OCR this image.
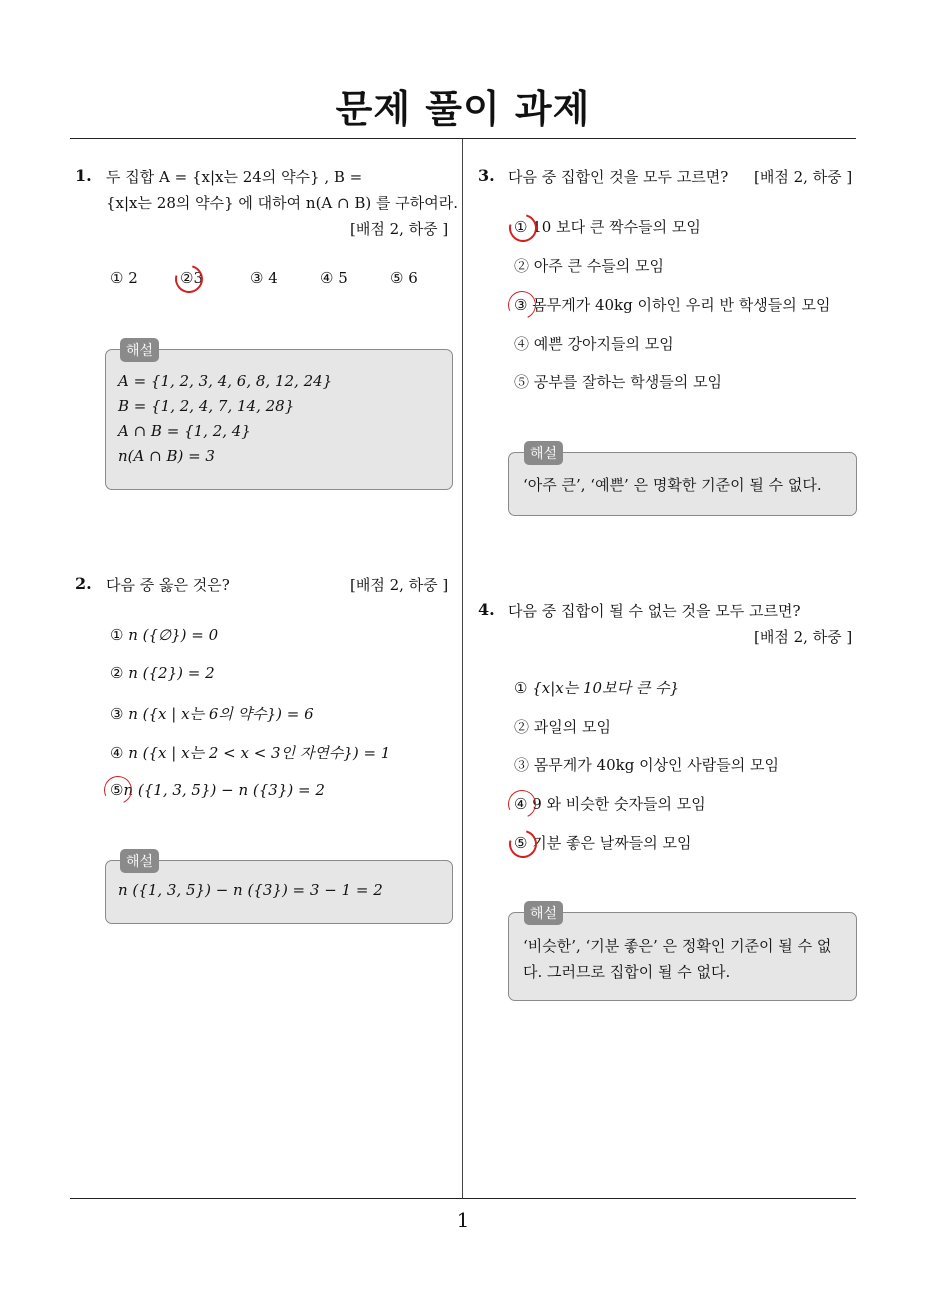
문제 풀이 과제
1. 두 집합 A = {x|x는 24의 약수} , B =
{x|x는 28의 약수} 에 대하여 n(A ∩ B) 를 구하여라.
[배점 2, 하중 ]
① 2	②
3	③ 4	④ 5	⑤ 6
A = {1, 2, 3, 4, 6, 8, 12, 24}
B = {1, 2, 4, 7, 14, 28}
A ∩ B = {1, 2, 4}
n(A ∩ B) = 3
해설
2. 다음 중 옳은 것은?	[배점 2, 하중 ]
① n ({∅}) = 0
② n ({2}) = 2
③ n ({x | x는 6의 약수}) = 6
④ n ({x | x는 2 < x < 3인 자연수}) = 1
⑤
n ({1, 3, 5}) − n ({3}) = 2
n ({1, 3, 5}) − n ({3}) = 3 − 1 = 2
해설
3. 다음 중 집합인 것을 모두 고르면? [배점 2, 하중 ]
① 10 보다 큰 짝수들의 모임
② 아주 큰 수들의 모임
③ 몸무게가 40kg 이하인 우리 반 학생들의 모임
④ 예쁜 강아지들의 모임
⑤ 공부를 잘하는 학생들의 모임
‘아주 큰’, ‘예쁜’ 은 명확한 기준이 될 수 없다.
해설
4. 다음 중 집합이 될 수 없는 것을 모두 고르면?
[배점 2, 하중 ]
① {x|x는 10보다 큰 수}
② 과일의 모임
③ 몸무게가 40kg 이상인 사람들의 모임
④ 9 와 비슷한 숫자들의 모임
⑤ 기분 좋은 날짜들의 모임
‘비슷한’, ‘기분 좋은’ 은 정확인 기준이 될 수 없
다. 그러므로 집합이 될 수 없다.
해설
1
